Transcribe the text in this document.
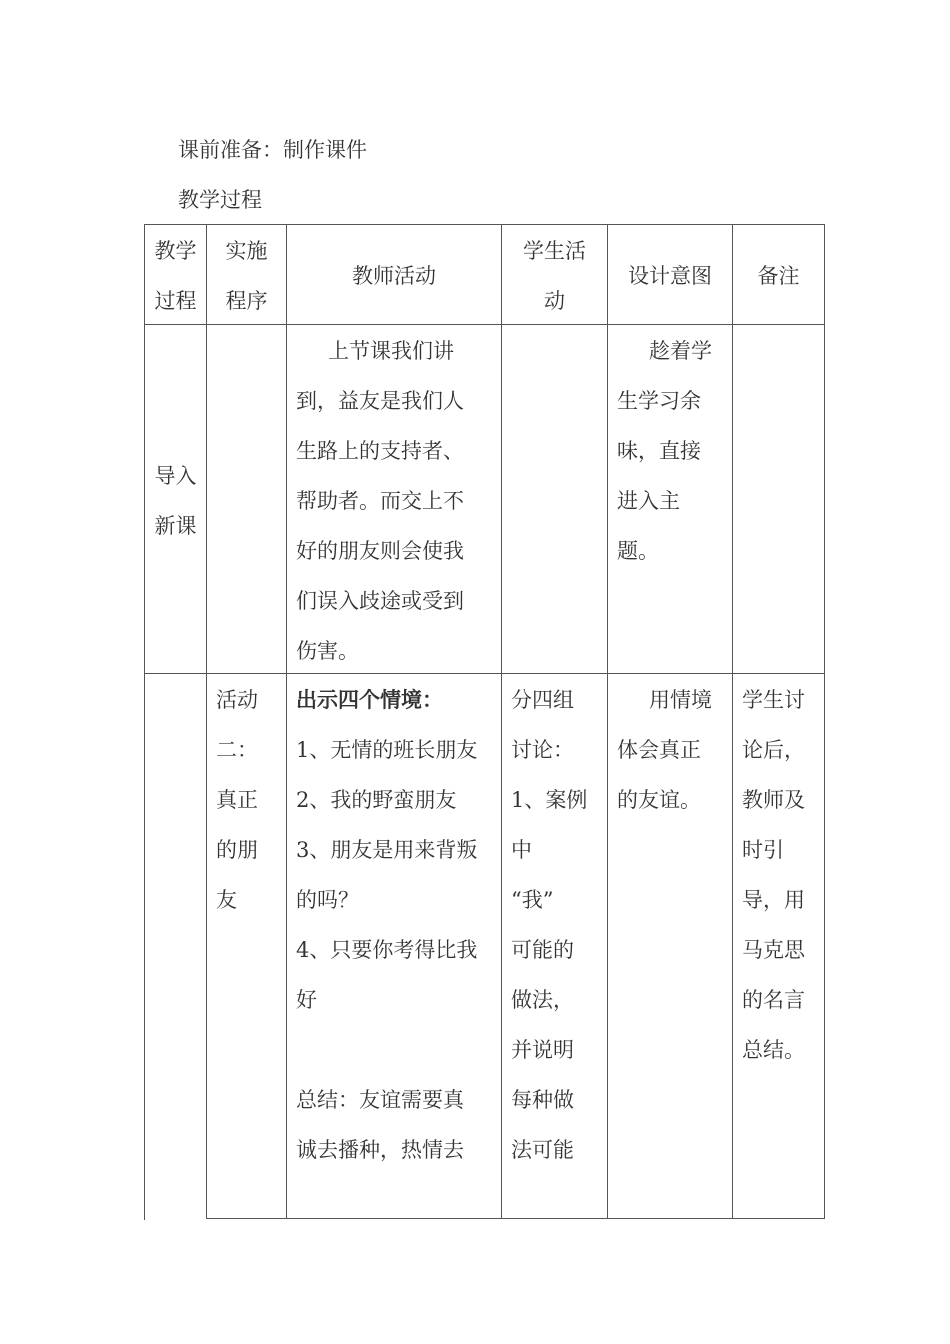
课前准备：制作课件
教学过程
教学
过程
实施
程序
教师活动
学生活
动
设计意图	备注
导入
新课
上节课我们讲
到，益友是我们人
生路上的支持者、
帮助者。而交上不
好的朋友则会使我
们误入歧途或受到
伤害。
趁着学
生学习余
味，直接
进入主
题。
活动
二：
真正
的朋
友
出示四个情境：
1、无情的班长朋友
2、我的野蛮朋友
3、朋友是用来背叛
的吗？
4、只要你考得比我
好
总结：友谊需要真
诚去播种，热情去
分四组
讨论：
1、案例
中
“我”
可能的
做法，
并说明
每种做
法可能
用情境
体会真正
的友谊。
学生讨
论后，
教师及
时引
导，用
马克思
的名言
总结。
